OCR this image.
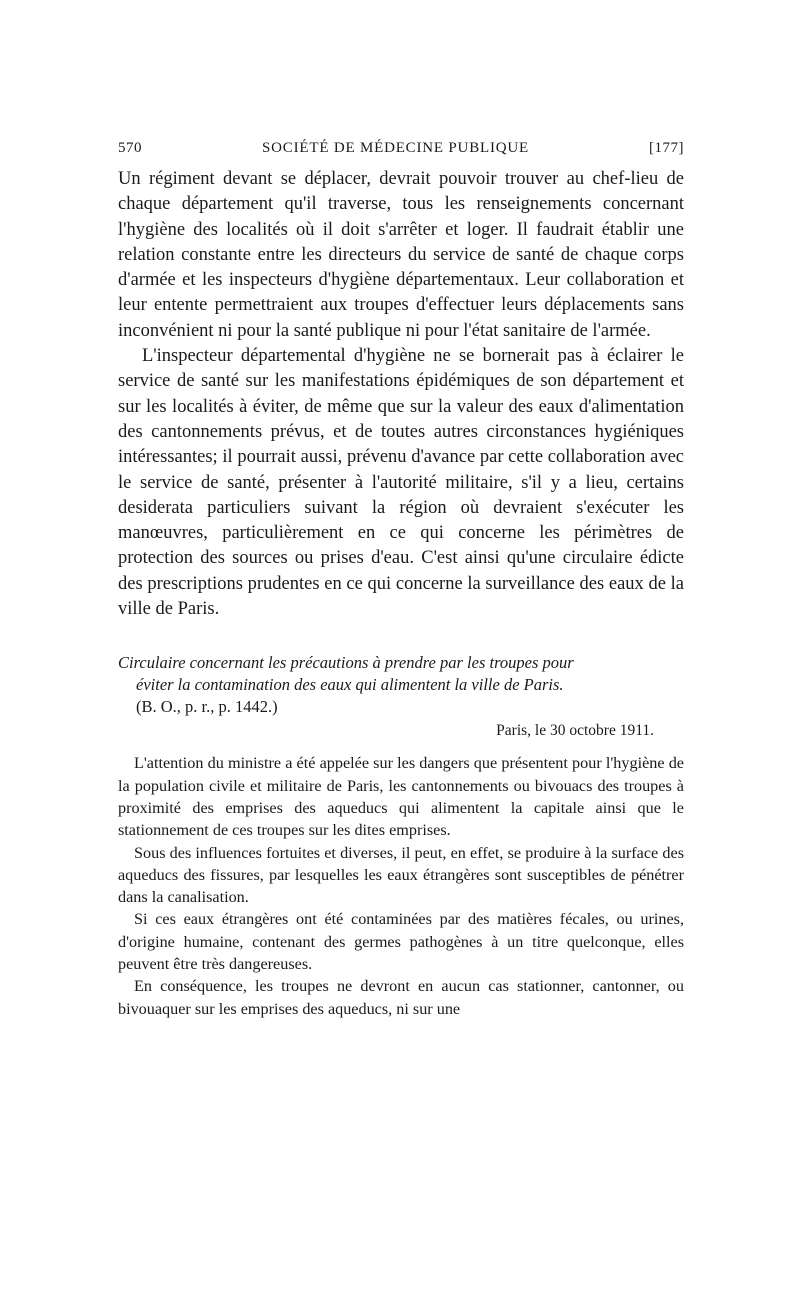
570	SOCIÉTÉ DE MÉDECINE PUBLIQUE	[177]

Un régiment devant se déplacer, devrait pouvoir trouver au chef-lieu de chaque département qu'il traverse, tous les renseignements concernant l'hygiène des localités où il doit s'arrêter et loger. Il faudrait établir une relation constante entre les directeurs du service de santé de chaque corps d'armée et les inspecteurs d'hygiène départementaux. Leur collaboration et leur entente permettraient aux troupes d'effectuer leurs déplacements sans inconvénient ni pour la santé publique ni pour l'état sanitaire de l'armée.

L'inspecteur départemental d'hygiène ne se bornerait pas à éclairer le service de santé sur les manifestations épidémiques de son département et sur les localités à éviter, de même que sur la valeur des eaux d'alimentation des cantonnements prévus, et de toutes autres circonstances hygiéniques intéressantes; il pourrait aussi, prévenu d'avance par cette collaboration avec le service de santé, présenter à l'autorité militaire, s'il y a lieu, certains desiderata particuliers suivant la région où devraient s'exécuter les manœuvres, particulièrement en ce qui concerne les périmètres de protection des sources ou prises d'eau. C'est ainsi qu'une circulaire édicte des prescriptions prudentes en ce qui concerne la surveillance des eaux de la ville de Paris.

Circulaire concernant les précautions à prendre par les troupes pour
éviter la contamination des eaux qui alimentent la ville de Paris.

(B. O., p. r., p. 1442.)

Paris, le 30 octobre 1911.

L'attention du ministre a été appelée sur les dangers que présentent pour l'hygiène de la population civile et militaire de Paris, les cantonnements ou bivouacs des troupes à proximité des emprises des aqueducs qui alimentent la capitale ainsi que le stationnement de ces troupes sur les dites emprises.

Sous des influences fortuites et diverses, il peut, en effet, se produire à la surface des aqueducs des fissures, par lesquelles les eaux étrangères sont susceptibles de pénétrer dans la canalisation.

Si ces eaux étrangères ont été contaminées par des matières fécales, ou urines, d'origine humaine, contenant des germes pathogènes à un titre quelconque, elles peuvent être très dangereuses.

En conséquence, les troupes ne devront en aucun cas stationner, cantonner, ou bivouaquer sur les emprises des aqueducs, ni sur une
